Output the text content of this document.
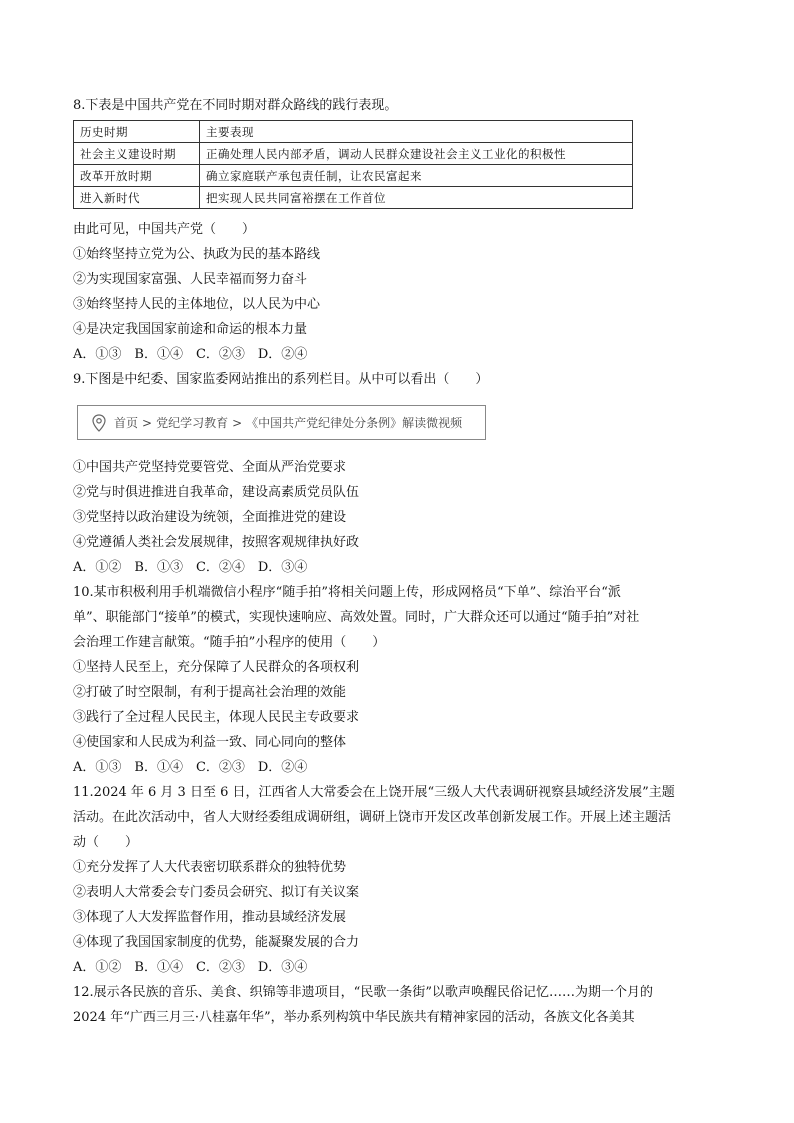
8.下表是中国共产党在不同时期对群众路线的践行表现。
历史时期	主要表现
社会主义建设时期	正确处理人民内部矛盾，调动人民群众建设社会主义工业化的积极性
改革开放时期	确立家庭联产承包责任制，让农民富起来
进入新时代	把实现人民共同富裕摆在工作首位
由此可见，中国共产党（　　）
①始终坚持立党为公、执政为民的基本路线
②为实现国家富强、人民幸福而努力奋斗
③始终坚持人民的主体地位，以人民为中心
④是决定我国国家前途和命运的根本力量
A．①③　B．①④　C．②③　D．②④
9.下图是中纪委、国家监委网站推出的系列栏目。从中可以看出（　　）
首页 > 党纪学习教育 > 《中国共产党纪律处分条例》解读微视频
①中国共产党坚持党要管党、全面从严治党要求
②党与时俱进推进自我革命，建设高素质党员队伍
③党坚持以政治建设为统领，全面推进党的建设
④党遵循人类社会发展规律，按照客观规律执好政
A．①②　B．①③　C．②④　D．③④
10.某市积极利用手机端微信小程序“随手拍”将相关问题上传，形成网格员“下单”、综治平台“派
单”、职能部门“接单”的模式，实现快速响应、高效处置。同时，广大群众还可以通过“随手拍”对社
会治理工作建言献策。“随手拍”小程序的使用（　　）
①坚持人民至上，充分保障了人民群众的各项权利
②打破了时空限制，有利于提高社会治理的效能
③践行了全过程人民民主，体现人民民主专政要求
④使国家和人民成为利益一致、同心同向的整体
A．①③　B．①④　C．②③　D．②④
11.2024 年 6 月 3 日至 6 日，江西省人大常委会在上饶开展“三级人大代表调研视察县域经济发展”主题
活动。在此次活动中，省人大财经委组成调研组，调研上饶市开发区改革创新发展工作。开展上述主题活
动（　　）
①充分发挥了人大代表密切联系群众的独特优势
②表明人大常委会专门委员会研究、拟订有关议案
③体现了人大发挥监督作用，推动县域经济发展
④体现了我国国家制度的优势，能凝聚发展的合力
A．①②　B．①④　C．②③　D．③④
12.展示各民族的音乐、美食、织锦等非遗项目，“民歌一条街”以歌声唤醒民俗记忆……为期一个月的
2024 年“广西三月三·八桂嘉年华”，举办系列构筑中华民族共有精神家园的活动，各族文化各美其
